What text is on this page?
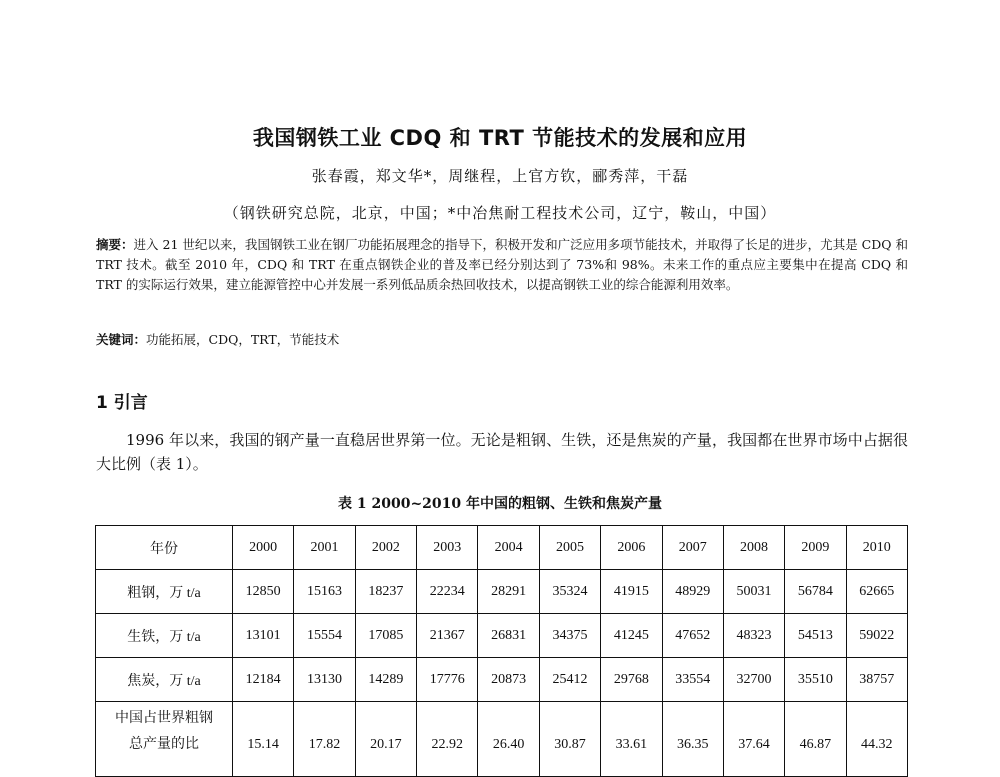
我国钢铁工业 CDQ 和 TRT 节能技术的发展和应用
张春霞，郑文华*，周继程，上官方钦，郦秀萍，干磊
（钢铁研究总院，北京，中国；*中冶焦耐工程技术公司，辽宁，鞍山，中国）
摘要：进入 21 世纪以来，我国钢铁工业在钢厂功能拓展理念的指导下，积极开发和广泛应用多项节能技术，并取得了长足的进步，尤其是 CDQ 和 TRT 技术。截至 2010 年，CDQ 和 TRT 在重点钢铁企业的普及率已经分别达到了 73%和 98%。未来工作的重点应主要集中在提高 CDQ 和 TRT 的实际运行效果，建立能源管控中心并发展一系列低品质余热回收技术，以提高钢铁工业的综合能源利用效率。
关键词：功能拓展，CDQ，TRT，节能技术
1 引言
1996 年以来，我国的钢产量一直稳居世界第一位。无论是粗钢、生铁，还是焦炭的产量，我国都在世界市场中占据很大比例（表 1）。
表 1 2000~2010 年中国的粗钢、生铁和焦炭产量
年份	2000	2001	2002	2003	2004	2005	2006	2007	2008	2009	2010
粗钢，万 t/a	12850	15163	18237	22234	28291	35324	41915	48929	50031	56784	62665
生铁，万 t/a	13101	15554	17085	21367	26831	34375	41245	47652	48323	54513	59022
焦炭，万 t/a	12184	13130	14289	17776	20873	25412	29768	33554	32700	35510	38757

中国占世界粗钢
总产量的比	15.14	17.82	20.17	22.92	26.40	30.87	33.61	36.35	37.64	46.87	44.32
